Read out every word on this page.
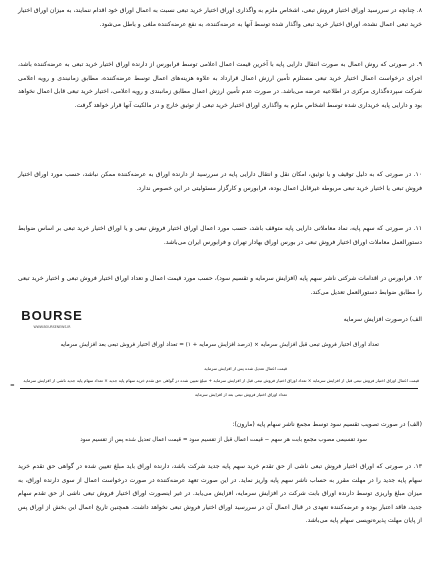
۸. چنانچه در سررسید اوراق اختیار فروش تبعی، اشخاص ملزم به واگذاری اوراق اختیار خرید تبعی نسبت به اعمال اوراق خود اقدام ننمایند، به میزان اوراق اختیار خرید تبعی اعمال نشده، اوراق اختیار خرید تبعی واگذار شده توسط آنها به عرضه‌کننده، به نفع عرضه‌کننده ملغی و باطل می‌شود.
۹. در صورتی که روش اعمال به صورت انتقال دارایی پایه با آخرین قیمت اعمال اعلامی توسط فرابورس از دارنده اوراق اختیار خرید تبعی به عرضه‌کننده باشد، اجرای درخواست اعمال اختیار خرید تبعی مستلزم تأمین ارزش اعمال قرارداد به علاوه هزینه‌های اعمال توسط عرضه‌کننده، مطابق زمانبندی و رویه اعلامی شرکت سپرده‌گذاری مرکزی در اطلاعیه عرضه می‌باشد. در صورت عدم تأمین ارزش اعمال مطابق زمانبندی و رویه اعلامی، اختیار خرید تبعی قابل اعمال نخواهد بود و دارایی پایه خریداری شده توسط اشخاص ملزم به واگذاری اوراق اختیار خرید تبعی از توثیق خارج و در مالکیت آنها قرار خواهد گرفت.
۱۰. در صورتی که به دلیل توقیف و یا توثیق، امکان نقل و انتقال دارایی پایه در سررسید از دارنده اوراق به عرضه‌کننده ممکن نباشد، حسب مورد اوراق اختیار فروش تبعی یا اختیار خرید تبعی مربوطه غیرقابل اعمال بوده، فرابورس و کارگزار مسئولیتی در این خصوص ندارد.
۱۱. در صورتی که سهم پایه، نماد معاملاتی دارایی پایه متوقف باشد، حسب مورد اعمال اوراق اختیار فروش تبعی و یا اوراق اختیار خرید تبعی بر اساس ضوابط دستورالعمل معاملات اوراق اختیار فروش تبعی در بورس اوراق بهادار تهران و فرابورس ایران می‌باشد.
۱۲. فرابورس در اقدامات شرکتی ناشر سهم پایه (افزایش سرمایه و تقسیم سود)، حسب مورد قیمت اعمال و تعداد اوراق اختیار فروش تبعی و اختیار خرید تبعی را مطابق ضوابط دستورالعمل تعدیل می‌کند.
الف) درصورت افزایش سرمایه
BOURSE
WWW.BOURSENEWS.IR
تعداد اوراق اختیار فروش تبعی قبل افزایش سرمایه × (درصد افزایش سرمایه + ۱) = تعداد اوراق اختیار فروش تبعی بعد افزایش سرمایه
قیمت اعمال تعدیل شده پس از افزایش سرمایه
قیمت اعمال اوراق اختیار فروش تبعی قبل از افزایش سرمایه × تعداد اوراق اختیار فروش تبعی قبل از افزایش سرمایه
+
مبلغ تعیین شده در گواهی حق تقدم خرید سهام پایه جدید × تعداد سهام پایه جدید ناشی از افزایش سرمایه
تعداد اوراق اختیار فروش تبعی بعد از افزایش سرمایه
=
(الف) در صورت تصویب تقسیم سود توسط مجمع ناشر سهام پایه (مارون):
سود تقسیمی مصوب مجمع بابت هر سهم − قیمت اعمال قبل از تقسیم سود = قیمت اعمال تعدیل شده پس از تقسیم سود
۱۳. در صورتی که اوراق اختیار فروش تبعی ناشی از حق تقدم خرید سهم پایه جدید شرکت باشد، دارنده اوراق باید مبلغ تعیین شده در گواهی حق تقدم خرید سهام پایه جدید را در مهلت مقرر به حساب ناشر سهم پایه واریز نماید. در این صورت تعهد عرضه‌کننده در صورت درخواست اعمال از سوی دارنده اوراق، به میزان مبلغ واریزی توسط دارنده اوراق بابت شرکت در افزایش سرمایه، افزایش می‌یابد. در غیر اینصورت اوراق اختیار فروش تبعی ناشی از حق تقدم سهام جدید، فاقد اعتبار بوده و عرضه‌کننده تعهدی در قبال اعمال آن در سررسید اوراق اختیار فروش تبعی نخواهد داشت. همچنین تاریخ اعمال این بخش از اوراق پس از پایان مهلت پذیره‌نویسی سهام پایه می‌باشد.
